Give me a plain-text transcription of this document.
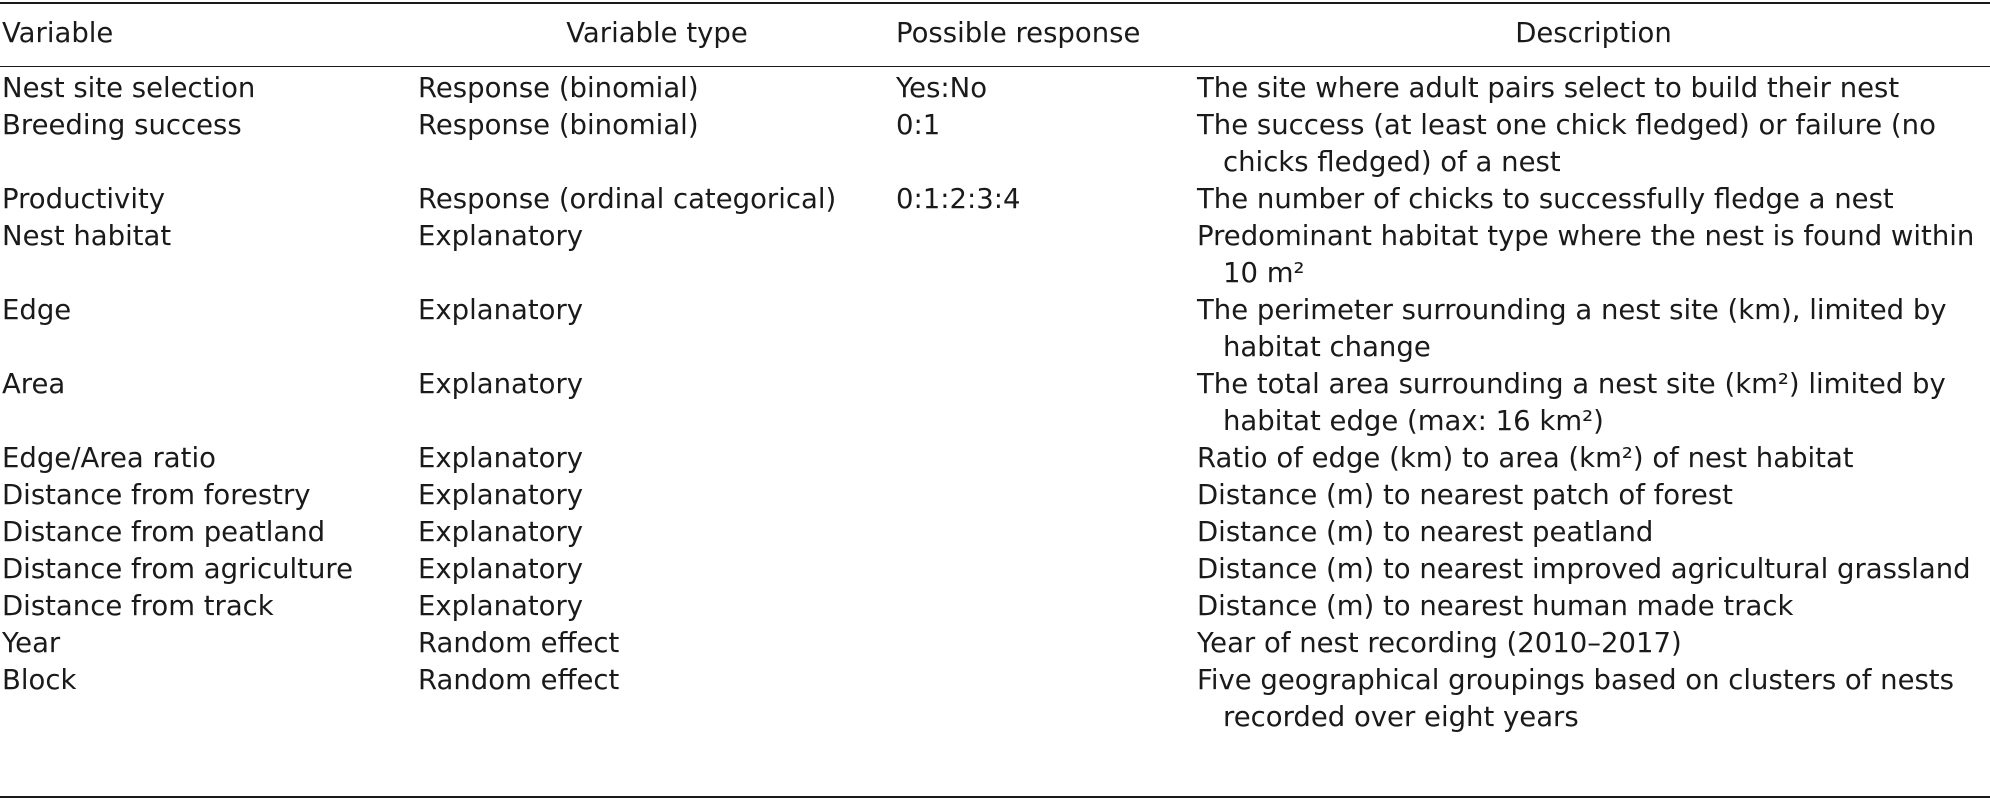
Variable	Variable type	Possible response	Description
Nest site selection	Response (binomial)	Yes:No	The site where adult pairs select to build their nest
Breeding success	Response (binomial)	0:1	The success (at least one chick fledged) or failure (no chicks fledged) of a nest
Productivity	Response (ordinal categorical)	0:1:2:3:4	The number of chicks to successfully fledge a nest
Nest habitat	Explanatory		Predominant habitat type where the nest is found within 10 m²
Edge	Explanatory		The perimeter surrounding a nest site (km), limited by habitat change
Area	Explanatory		The total area surrounding a nest site (km²) limited by habitat edge (max: 16 km²)
Edge/Area ratio	Explanatory		Ratio of edge (km) to area (km²) of nest habitat
Distance from forestry	Explanatory		Distance (m) to nearest patch of forest
Distance from peatland	Explanatory		Distance (m) to nearest peatland
Distance from agriculture	Explanatory		Distance (m) to nearest improved agricultural grassland
Distance from track	Explanatory		Distance (m) to nearest human made track
Year	Random effect		Year of nest recording (2010–2017)
Block	Random effect		Five geographical groupings based on clusters of nests recorded over eight years
